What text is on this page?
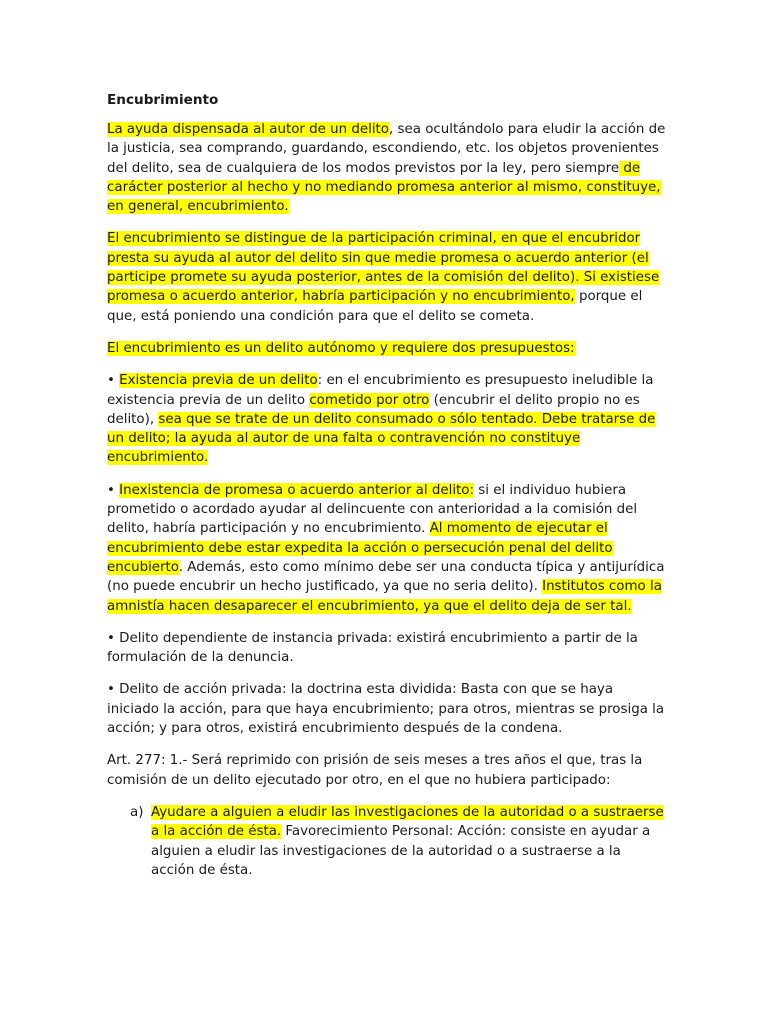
Encubrimiento

La ayuda dispensada al autor de un delito, sea ocultándolo para eludir la acción de la justicia, sea comprando, guardando, escondiendo, etc. los objetos provenientes del delito, sea de cualquiera de los modos previstos por la ley, pero siempre de carácter posterior al hecho y no mediando promesa anterior al mismo, constituye, en general, encubrimiento.

El encubrimiento se distingue de la participación criminal, en que el encubridor presta su ayuda al autor del delito sin que medie promesa o acuerdo anterior (el participe promete su ayuda posterior, antes de la comisión del delito). Si existiese promesa o acuerdo anterior, habría participación y no encubrimiento, porque el que, está poniendo una condición para que el delito se cometa.

El encubrimiento es un delito autónomo y requiere dos presupuestos:

• Existencia previa de un delito: en el encubrimiento es presupuesto ineludible la existencia previa de un delito cometido por otro (encubrir el delito propio no es delito), sea que se trate de un delito consumado o sólo tentado. Debe tratarse de un delito; la ayuda al autor de una falta o contravención no constituye encubrimiento.

• Inexistencia de promesa o acuerdo anterior al delito: si el individuo hubiera prometido o acordado ayudar al delincuente con anterioridad a la comisión del delito, habría participación y no encubrimiento. Al momento de ejecutar el encubrimiento debe estar expedita la acción o persecución penal del delito encubierto. Además, esto como mínimo debe ser una conducta típica y antijurídica (no puede encubrir un hecho justificado, ya que no seria delito). Institutos como la amnistía hacen desaparecer el encubrimiento, ya que el delito deja de ser tal.

• Delito dependiente de instancia privada: existirá encubrimiento a partir de la formulación de la denuncia.

• Delito de acción privada: la doctrina esta dividida: Basta con que se haya iniciado la acción, para que haya encubrimiento; para otros, mientras se prosiga la acción; y para otros, existirá encubrimiento después de la condena.

Art. 277: 1.- Será reprimido con prisión de seis meses a tres años el que, tras la comisión de un delito ejecutado por otro, en el que no hubiera participado:

a) Ayudare a alguien a eludir las investigaciones de la autoridad o a sustraerse a la acción de ésta. Favorecimiento Personal: Acción: consiste en ayudar a alguien a eludir las investigaciones de la autoridad o a sustraerse a la acción de ésta.
